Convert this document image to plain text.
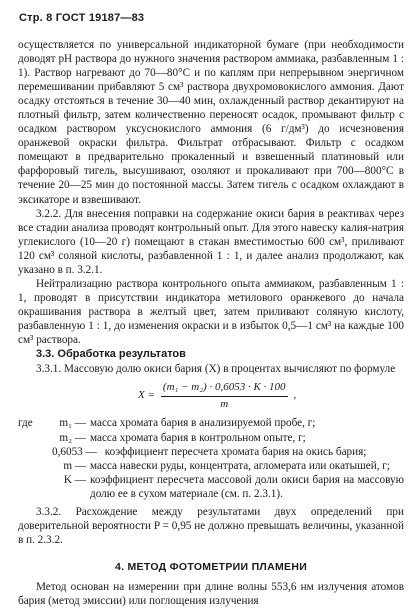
Стр. 8 ГОСТ 19187—83

осуществляется по универсальной индикаторной бумаге (при необходимости доводят рН раствора до нужного значения раствором аммиака, разбавленным 1 : 1). Раствор нагревают до 70—80°С и по каплям при непрерывном энергичном перемешивании прибавляют 5 см³ раствора двухромовокислого аммония. Дают осадку отстояться в течение 30—40 мин, охлажденный раствор декантируют на плотный фильтр, затем количественно переносят осадок, промывают фильтр с осадком раствором уксуснокислого аммония (6 г/дм³) до исчезновения оранжевой окраски фильтра. Фильтрат отбрасывают. Фильтр с осадком помещают в предварительно прокаленный и взвешенный платиновый или фарфоровый тигель, высушивают, озоляют и прокаливают при 700—800°С в течение 20—25 мин до постоянной массы. Затем тигель с осадком охлаждают в эксикаторе и взвешивают.

3.2.2. Для внесения поправки на содержание окиси бария в реактивах через все стадии анализа проводят контрольный опыт. Для этого навеску калия-натрия углекислого (10—20 г) помещают в стакан вместимостью 600 см³, приливают 120 см³ соляной кислоты, разбавленной 1 : 1, и далее анализ продолжают, как указано в п. 3.2.1.

Нейтрализацию раствора контрольного опыта аммиаком, разбавленным 1 : 1, проводят в присутствии индикатора метилового оранжевого до начала окрашивания раствора в желтый цвет, затем приливают соляную кислоту, разбавленную 1 : 1, до изменения окраски и в избыток 0,5—1 см³ на каждые 100 см³ раствора.

3.3. Обработка результатов

3.3.1. Массовую долю окиси бария (X) в процентах вычисляют по формуле

$X = \frac{\text{(m₁ − m₂) · 0,6053 · K · 100}}{m}$ ,
где	m₁ — масса хромата бария в анализируемой пробе, г;
m₂ — масса хромата бария в контрольном опыте, г;
0,6053 — коэффициент пересчета хромата бария на окись бария;
m — масса навески руды, концентрата, агломерата или окатышей, г;
K — коэффициент пересчета массовой доли окиси бария на массовую долю ее в сухом материале (см. п. 2.3.1).

3.3.2. Расхождение между результатами двух определений при доверительной вероятности P = 0,95 не должно превышать величины, указанной в п. 2.3.2.

4. МЕТОД ФОТОМЕТРИИ ПЛАМЕНИ

Метод основан на измерении при длине волны 553,6 нм излучения атомов бария (метод эмиссии) или поглощения излучения
